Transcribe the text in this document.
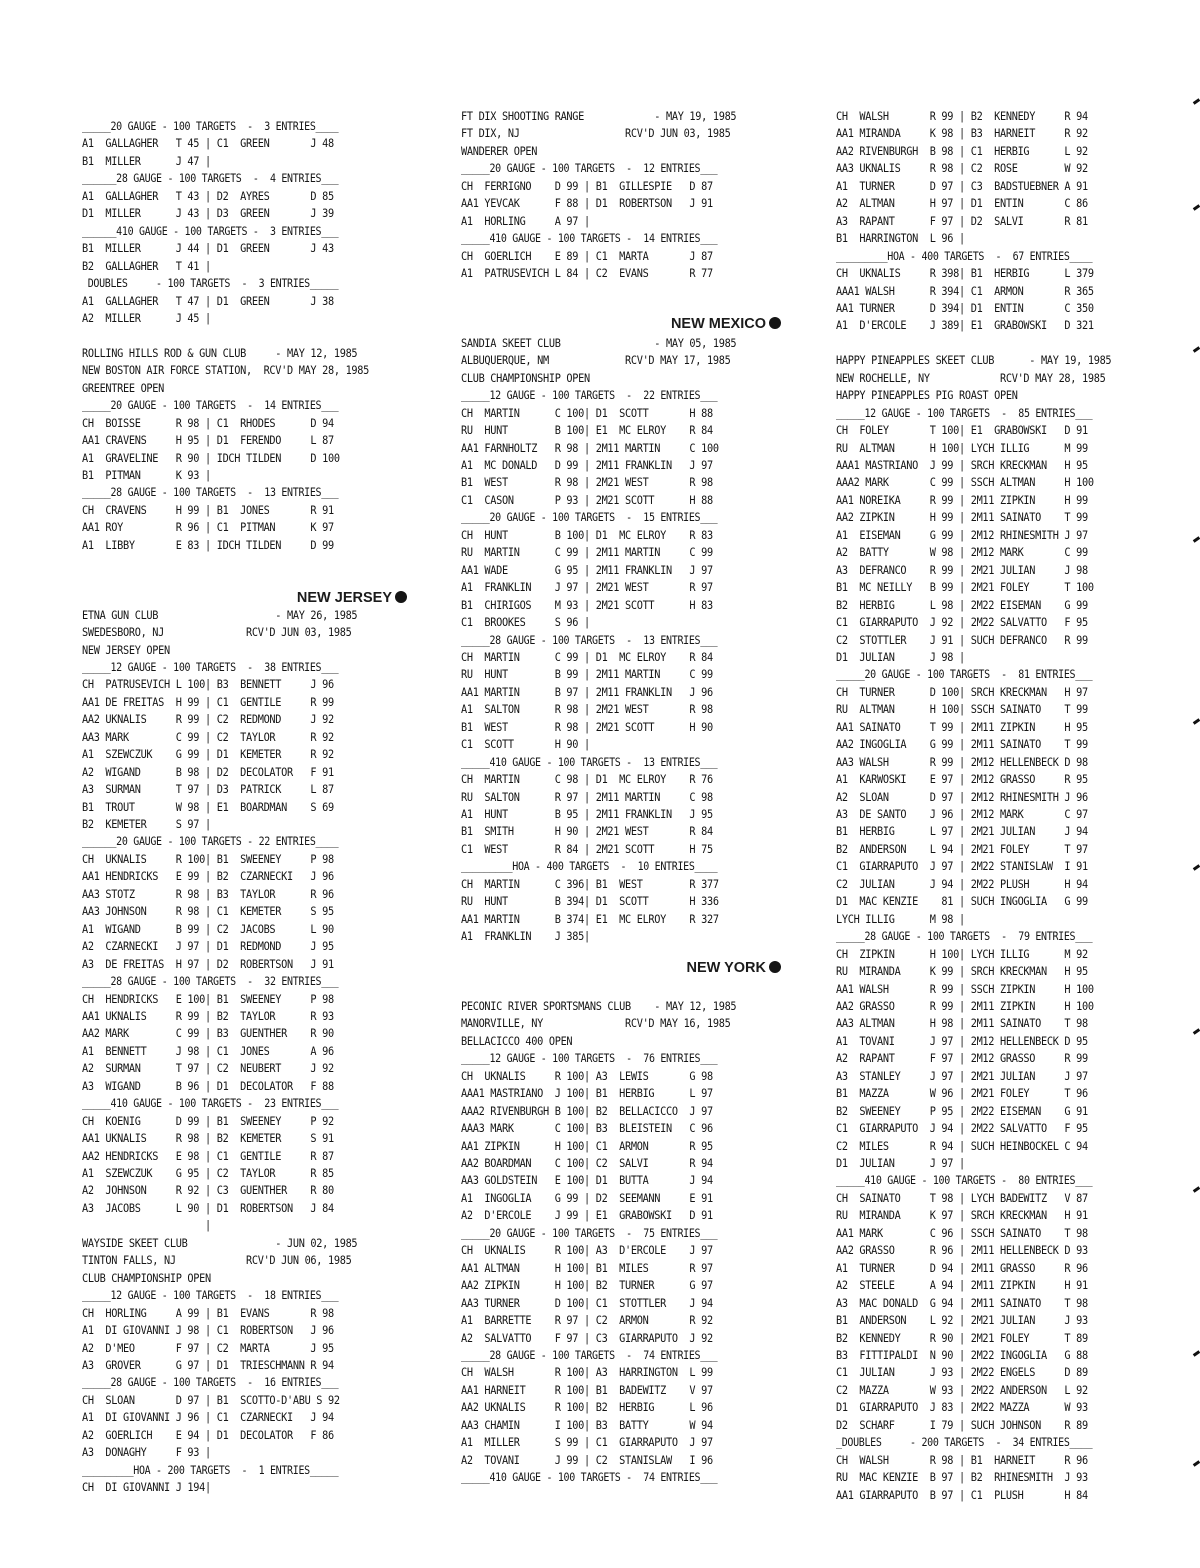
_____20 GAUGE - 100 TARGETS  -  3 ENTRIES____
A1  GALLAGHER   T 45 | C1  GREEN       J 48
B1  MILLER      J 47 |
______28 GAUGE - 100 TARGETS  -  4 ENTRIES___
A1  GALLAGHER   T 43 | D2  AYRES       D 85
D1  MILLER      J 43 | D3  GREEN       J 39
______410 GAUGE - 100 TARGETS -  3 ENTRIES___
B1  MILLER      J 44 | D1  GREEN       J 43
B2  GALLAGHER   T 41 |
DOUBLES     - 100 TARGETS  -  3 ENTRIES_____
A1  GALLAGHER   T 47 | D1  GREEN       J 38
A2  MILLER      J 45 |
ROLLING HILLS ROD & GUN CLUB     - MAY 12, 1985
NEW BOSTON AIR FORCE STATION,  RCV'D MAY 28, 1985
GREENTREE OPEN
_____20 GAUGE - 100 TARGETS  -  14 ENTRIES___
CH  BOISSE      R 98 | C1  RHODES      D 94
AA1 CRAVENS     H 95 | D1  FERENDO     L 87
A1  GRAVELINE   R 90 | IDCH TILDEN     D 100
B1  PITMAN      K 93 |
_____28 GAUGE - 100 TARGETS  -  13 ENTRIES___
CH  CRAVENS     H 99 | B1  JONES       R 91
AA1 ROY         R 96 | C1  PITMAN      K 97
A1  LIBBY       E 83 | IDCH TILDEN     D 99
ETNA GUN CLUB                    - MAY 26, 1985
SWEDESBORO, NJ              RCV'D JUN 03, 1985
NEW JERSEY OPEN
_____12 GAUGE - 100 TARGETS  -  38 ENTRIES___
CH  PATRUSEVICH L 100| B3  BENNETT     J 96
AA1 DE FREITAS  H 99 | C1  GENTILE     R 99
AA2 UKNALIS     R 99 | C2  REDMOND     J 92
AA3 MARK        C 99 | C2  TAYLOR      R 92
A1  SZEWCZUK    G 99 | D1  KEMETER     R 92
A2  WIGAND      B 98 | D2  DECOLATOR   F 91
A3  SURMAN      T 97 | D3  PATRICK     L 87
B1  TROUT       W 98 | E1  BOARDMAN    S 69
B2  KEMETER     S 97 |
______20 GAUGE - 100 TARGETS - 22 ENTRIES____
CH  UKNALIS     R 100| B1  SWEENEY     P 98
AA1 HENDRICKS   E 99 | B2  CZARNECKI   J 96
AA3 STOTZ       R 98 | B3  TAYLOR      R 96
AA3 JOHNSON     R 98 | C1  KEMETER     S 95
A1  WIGAND      B 99 | C2  JACOBS      L 90
A2  CZARNECKI   J 97 | D1  REDMOND     J 95
A3  DE FREITAS  H 97 | D2  ROBERTSON   J 91
_____28 GAUGE - 100 TARGETS  -  32 ENTRIES___
CH  HENDRICKS   E 100| B1  SWEENEY     P 98
AA1 UKNALIS     R 99 | B2  TAYLOR      R 93
AA2 MARK        C 99 | B3  GUENTHER    R 90
A1  BENNETT     J 98 | C1  JONES       A 96
A2  SURMAN      T 97 | C2  NEUBERT     J 92
A3  WIGAND      B 96 | D1  DECOLATOR   F 88
_____410 GAUGE - 100 TARGETS -  23 ENTRIES___
CH  KOENIG      D 99 | B1  SWEENEY     P 92
AA1 UKNALIS     R 98 | B2  KEMETER     S 91
AA2 HENDRICKS   E 98 | C1  GENTILE     R 87
A1  SZEWCZUK    G 95 | C2  TAYLOR      R 85
A2  JOHNSON     R 92 | C3  GUENTHER    R 80
A3  JACOBS      L 90 | D1  ROBERTSON   J 84
|
WAYSIDE SKEET CLUB               - JUN 02, 1985
TINTON FALLS, NJ            RCV'D JUN 06, 1985
CLUB CHAMPIONSHIP OPEN
_____12 GAUGE - 100 TARGETS  -  18 ENTRIES___
CH  HORLING     A 99 | B1  EVANS       R 98
A1  DI GIOVANNI J 98 | C1  ROBERTSON   J 96
A2  D'MEO       F 97 | C2  MARTA       J 95
A3  GROVER      G 97 | D1  TRIESCHMANN R 94
_____28 GAUGE - 100 TARGETS  -  16 ENTRIES___
CH  SLOAN       D 97 | B1  SCOTTO-D'ABU S 92
A1  DI GIOVANNI J 96 | C1  CZARNECKI   J 94
A2  GOERLICH    E 94 | D1  DECOLATOR   F 86
A3  DONAGHY     F 93 |
_________HOA - 200 TARGETS  -  1 ENTRIES_____
CH  DI GIOVANNI J 194|
FT DIX SHOOTING RANGE            - MAY 19, 1985
FT DIX, NJ                  RCV'D JUN 03, 1985
WANDERER OPEN
_____20 GAUGE - 100 TARGETS  -  12 ENTRIES___
CH  FERRIGNO    D 99 | B1  GILLESPIE   D 87
AA1 YEVCAK      F 88 | D1  ROBERTSON   J 91
A1  HORLING     A 97 |
_____410 GAUGE - 100 TARGETS -  14 ENTRIES___
CH  GOERLICH    E 89 | C1  MARTA       J 87
A1  PATRUSEVICH L 84 | C2  EVANS       R 77
SANDIA SKEET CLUB                - MAY 05, 1985
ALBUQUERQUE, NM             RCV'D MAY 17, 1985
CLUB CHAMPIONSHIP OPEN
_____12 GAUGE - 100 TARGETS  -  22 ENTRIES___
CH  MARTIN      C 100| D1  SCOTT       H 88
RU  HUNT        B 100| E1  MC ELROY    R 84
AA1 FARNHOLTZ   R 98 | 2M11 MARTIN     C 100
A1  MC DONALD   D 99 | 2M11 FRANKLIN   J 97
B1  WEST        R 98 | 2M21 WEST       R 98
C1  CASON       P 93 | 2M21 SCOTT      H 88
_____20 GAUGE - 100 TARGETS  -  15 ENTRIES___
CH  HUNT        B 100| D1  MC ELROY    R 83
RU  MARTIN      C 99 | 2M11 MARTIN     C 99
AA1 WADE        G 95 | 2M11 FRANKLIN   J 97
A1  FRANKLIN    J 97 | 2M21 WEST       R 97
B1  CHIRIGOS    M 93 | 2M21 SCOTT      H 83
C1  BROOKES     S 96 |
_____28 GAUGE - 100 TARGETS  -  13 ENTRIES___
CH  MARTIN      C 99 | D1  MC ELROY    R 84
RU  HUNT        B 99 | 2M11 MARTIN     C 99
AA1 MARTIN      B 97 | 2M11 FRANKLIN   J 96
A1  SALTON      R 98 | 2M21 WEST       R 98
B1  WEST        R 98 | 2M21 SCOTT      H 90
C1  SCOTT       H 90 |
_____410 GAUGE - 100 TARGETS -  13 ENTRIES___
CH  MARTIN      C 98 | D1  MC ELROY    R 76
RU  SALTON      R 97 | 2M11 MARTIN     C 98
A1  HUNT        B 95 | 2M11 FRANKLIN   J 95
B1  SMITH       H 90 | 2M21 WEST       R 84
C1  WEST        R 84 | 2M21 SCOTT      H 75
_________HOA - 400 TARGETS  -  10 ENTRIES____
CH  MARTIN      C 396| B1  WEST        R 377
RU  HUNT        B 394| D1  SCOTT       H 336
AA1 MARTIN      B 374| E1  MC ELROY    R 327
A1  FRANKLIN    J 385|
PECONIC RIVER SPORTSMANS CLUB    - MAY 12, 1985
MANORVILLE, NY              RCV'D MAY 16, 1985
BELLACICCO 400 OPEN
_____12 GAUGE - 100 TARGETS  -  76 ENTRIES___
CH  UKNALIS     R 100| A3  LEWIS       G 98
AAA1 MASTRIANO  J 100| B1  HERBIG      L 97
AAA2 RIVENBURGH B 100| B2  BELLACICCO  J 97
AAA3 MARK       C 100| B3  BLEISTEIN   C 96
AA1 ZIPKIN      H 100| C1  ARMON       R 95
AA2 BOARDMAN    C 100| C2  SALVI       R 94
AA3 GOLDSTEIN   E 100| D1  BUTTA       J 94
A1  INGOGLIA    G 99 | D2  SEEMANN     E 91
A2  D'ERCOLE    J 99 | E1  GRABOWSKI   D 91
_____20 GAUGE - 100 TARGETS  -  75 ENTRIES___
CH  UKNALIS     R 100| A3  D'ERCOLE    J 97
AA1 ALTMAN      H 100| B1  MILES       R 97
AA2 ZIPKIN      H 100| B2  TURNER      G 97
AA3 TURNER      D 100| C1  STOTTLER    J 94
A1  BARRETTE    R 97 | C2  ARMON       R 92
A2  SALVATTO    F 97 | C3  GIARRAPUTO  J 92
_____28 GAUGE - 100 TARGETS  -  74 ENTRIES___
CH  WALSH       R 100| A3  HARRINGTON  L 99
AA1 HARNEIT     R 100| B1  BADEWITZ    V 97
AA2 UKNALIS     R 100| B2  HERBIG      L 96
AA3 CHAMIN      I 100| B3  BATTY       W 94
A1  MILLER      S 99 | C1  GIARRAPUTO  J 97
A2  TOVANI      J 99 | C2  STANISLAW   I 96
_____410 GAUGE - 100 TARGETS -  74 ENTRIES___
CH  WALSH       R 99 | B2  KENNEDY     R 94
AA1 MIRANDA     K 98 | B3  HARNEIT     R 92
AA2 RIVENBURGH  B 98 | C1  HERBIG      L 92
AA3 UKNALIS     R 98 | C2  ROSE        W 92
A1  TURNER      D 97 | C3  BADSTUEBNER A 91
A2  ALTMAN      H 97 | D1  ENTIN       C 86
A3  RAPANT      F 97 | D2  SALVI       R 81
B1  HARRINGTON  L 96 |
_________HOA - 400 TARGETS  -  67 ENTRIES____
CH  UKNALIS     R 398| B1  HERBIG      L 379
AAA1 WALSH      R 394| C1  ARMON       R 365
AA1 TURNER      D 394| D1  ENTIN       C 350
A1  D'ERCOLE    J 389| E1  GRABOWSKI   D 321
HAPPY PINEAPPLES SKEET CLUB      - MAY 19, 1985
NEW ROCHELLE, NY            RCV'D MAY 28, 1985
HAPPY PINEAPPLES PIG ROAST OPEN
_____12 GAUGE - 100 TARGETS  -  85 ENTRIES___
CH  FOLEY       T 100| E1  GRABOWSKI   D 91
RU  ALTMAN      H 100| LYCH ILLIG      M 99
AAA1 MASTRIANO  J 99 | SRCH KRECKMAN   H 95
AAA2 MARK       C 99 | SSCH ALTMAN     H 100
AA1 NOREIKA     R 99 | 2M11 ZIPKIN     H 99
AA2 ZIPKIN      H 99 | 2M11 SAINATO    T 99
A1  EISEMAN     G 99 | 2M12 RHINESMITH J 97
A2  BATTY       W 98 | 2M12 MARK       C 99
A3  DEFRANCO    R 99 | 2M21 JULIAN     J 98
B1  MC NEILLY   B 99 | 2M21 FOLEY      T 100
B2  HERBIG      L 98 | 2M22 EISEMAN    G 99
C1  GIARRAPUTO  J 92 | 2M22 SALVATTO   F 95
C2  STOTTLER    J 91 | SUCH DEFRANCO   R 99
D1  JULIAN      J 98 |
_____20 GAUGE - 100 TARGETS  -  81 ENTRIES___
CH  TURNER      D 100| SRCH KRECKMAN   H 97
RU  ALTMAN      H 100| SSCH SAINATO    T 99
AA1 SAINATO     T 99 | 2M11 ZIPKIN     H 95
AA2 INGOGLIA    G 99 | 2M11 SAINATO    T 99
AA3 WALSH       R 99 | 2M12 HELLENBECK D 98
A1  KARWOSKI    E 97 | 2M12 GRASSO     R 95
A2  SLOAN       D 97 | 2M12 RHINESMITH J 96
A3  DE SANTO    J 96 | 2M12 MARK       C 97
B1  HERBIG      L 97 | 2M21 JULIAN     J 94
B2  ANDERSON    L 94 | 2M21 FOLEY      T 97
C1  GIARRAPUTO  J 97 | 2M22 STANISLAW  I 91
C2  JULIAN      J 94 | 2M22 PLUSH      H 94
D1  MAC KENZIE    81 | SUCH INGOGLIA   G 99
LYCH ILLIG      M 98 |
_____28 GAUGE - 100 TARGETS  -  79 ENTRIES___
CH  ZIPKIN      H 100| LYCH ILLIG      M 92
RU  MIRANDA     K 99 | SRCH KRECKMAN   H 95
AA1 WALSH       R 99 | SSCH ZIPKIN     H 100
AA2 GRASSO      R 99 | 2M11 ZIPKIN     H 100
AA3 ALTMAN      H 98 | 2M11 SAINATO    T 98
A1  TOVANI      J 97 | 2M12 HELLENBECK D 95
A2  RAPANT      F 97 | 2M12 GRASSO     R 99
A3  STANLEY     J 97 | 2M21 JULIAN     J 97
B1  MAZZA       W 96 | 2M21 FOLEY      T 96
B2  SWEENEY     P 95 | 2M22 EISEMAN    G 91
C1  GIARRAPUTO  J 94 | 2M22 SALVATTO   F 95
C2  MILES       R 94 | SUCH HEINBOCKEL C 94
D1  JULIAN      J 97 |
_____410 GAUGE - 100 TARGETS -  80 ENTRIES___
CH  SAINATO     T 98 | LYCH BADEWITZ   V 87
RU  MIRANDA     K 97 | SRCH KRECKMAN   H 91
AA1 MARK        C 96 | SSCH SAINATO    T 98
AA2 GRASSO      R 96 | 2M11 HELLENBECK D 93
A1  TURNER      D 94 | 2M11 GRASSO     R 96
A2  STEELE      A 94 | 2M11 ZIPKIN     H 91
A3  MAC DONALD  G 94 | 2M11 SAINATO    T 98
B1  ANDERSON    L 92 | 2M21 JULIAN     J 93
B2  KENNEDY     R 90 | 2M21 FOLEY      T 89
B3  FITTIPALDI  N 90 | 2M22 INGOGLIA   G 88
C1  JULIAN      J 93 | 2M22 ENGELS     D 89
C2  MAZZA       W 93 | 2M22 ANDERSON   L 92
D1  GIARRAPUTO  J 83 | 2M22 MAZZA      W 93
D2  SCHARF      I 79 | SUCH JOHNSON    R 89
_DOUBLES     - 200 TARGETS  -  34 ENTRIES____
CH  WALSH       R 98 | B1  HARNEIT     R 96
RU  MAC KENZIE  B 97 | B2  RHINESMITH  J 93
AA1 GIARRAPUTO  B 97 | C1  PLUSH       H 84
NEW JERSEY
NEW MEXICO
NEW YORK
